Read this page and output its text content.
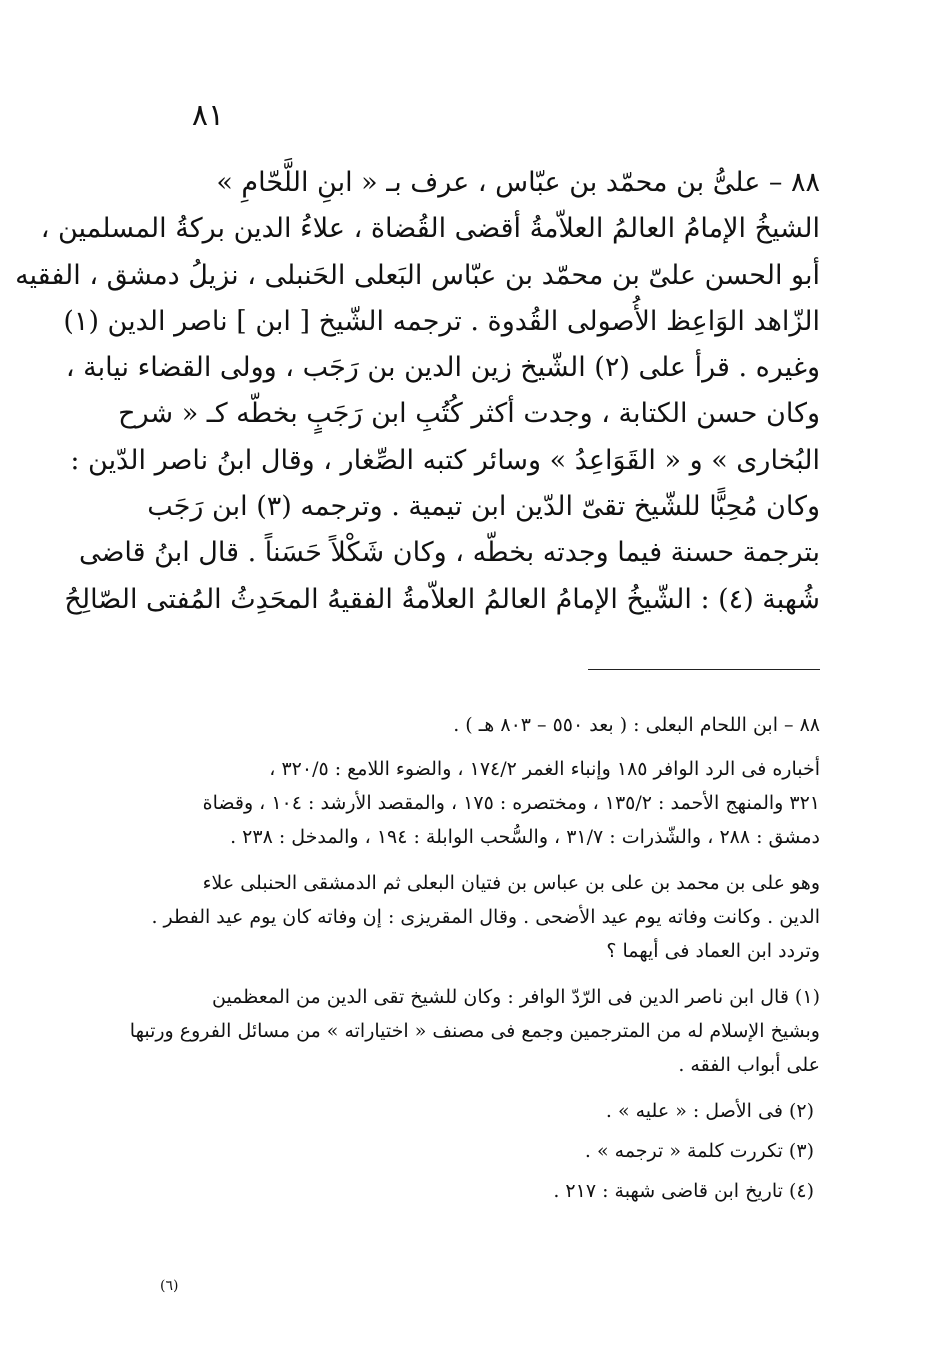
٨١
٨٨ – علىُّ بن محمّد بن عبّاس ، عرف بـ « ابنِ اللَّحّامِ »
الشيخُ الإمامُ العالمُ العلاّمةُ أقضى القُضاة ، علاءُ الدين بركةُ المسلمين ،
أبو الحسن علىّ بن محمّد بن عبّاس البَعلى الحَنبلى ، نزيلُ دمشق ، الفقيه
الزّاهد الوَاعِظ الأُصولى القُدوة . ترجمه الشّيخ [ ابن ] ناصر الدين (١)
وغيره . قرأ على (٢) الشّيخ زين الدين بن رَجَب ، وولى القضاء نيابة ،
وكان حسن الكتابة ، وجدت أكثر كُتُبِ ابن رَجَبٍ بخطّه كـ « شرح
البُخارى » و « القَوَاعِدُ » وسائر كتبه الصِّغار ، وقال ابنُ ناصر الدّين :
وكان مُحِبًّا للشّيخ تقىّ الدّين ابن تيمية . وترجمه (٣) ابن رَجَب
بترجمة حسنة فيما وجدته بخطّه ، وكان شَكْلاً حَسَناً . قال ابنُ قاضى
شُهبة (٤) : الشّيخُ الإمامُ العالمُ العلاّمةُ الفقيهُ المحَدِثُ المُفتى الصّالِحُ
٨٨ – ابن اللحام البعلى : ( بعد ٥٥٠ – ٨٠٣ هـ ) .
أخباره فى الرد الوافر ١٨٥ وإنباء الغمر ١٧٤/٢ ، والضوء اللامع : ٣٢٠/٥ ،
٣٢١ والمنهج الأحمد : ١٣٥/٢ ، ومختصره : ١٧٥ ، والمقصد الأرشد : ١٠٤ ، وقضاة
دمشق : ٢٨٨ ، والشّذرات : ٣١/٧ ، والسُّحب الوابلة : ١٩٤ ، والمدخل : ٢٣٨ .
وهو على بن محمد بن على بن عباس بن فتيان البعلى ثم الدمشقى الحنبلى علاء
الدين . وكانت وفاته يوم عيد الأضحى . وقال المقريزى : إن وفاته كان يوم عيد الفطر .
وتردد ابن العماد فى أيهما ؟
(١) قال ابن ناصر الدين فى الرّدّ الوافر : وكان للشيخ تقى الدين من المعظمين
وبشيخ الإسلام له من المترجمين وجمع فى مصنف « اختياراته » من مسائل الفروع ورتبها
على أبواب الفقه .
(٢) فى الأصل : « عليه » .
(٣) تكررت كلمة « ترجمه » .
(٤) تاريخ ابن قاضى شهبة : ٢١٧ .
(٦)
